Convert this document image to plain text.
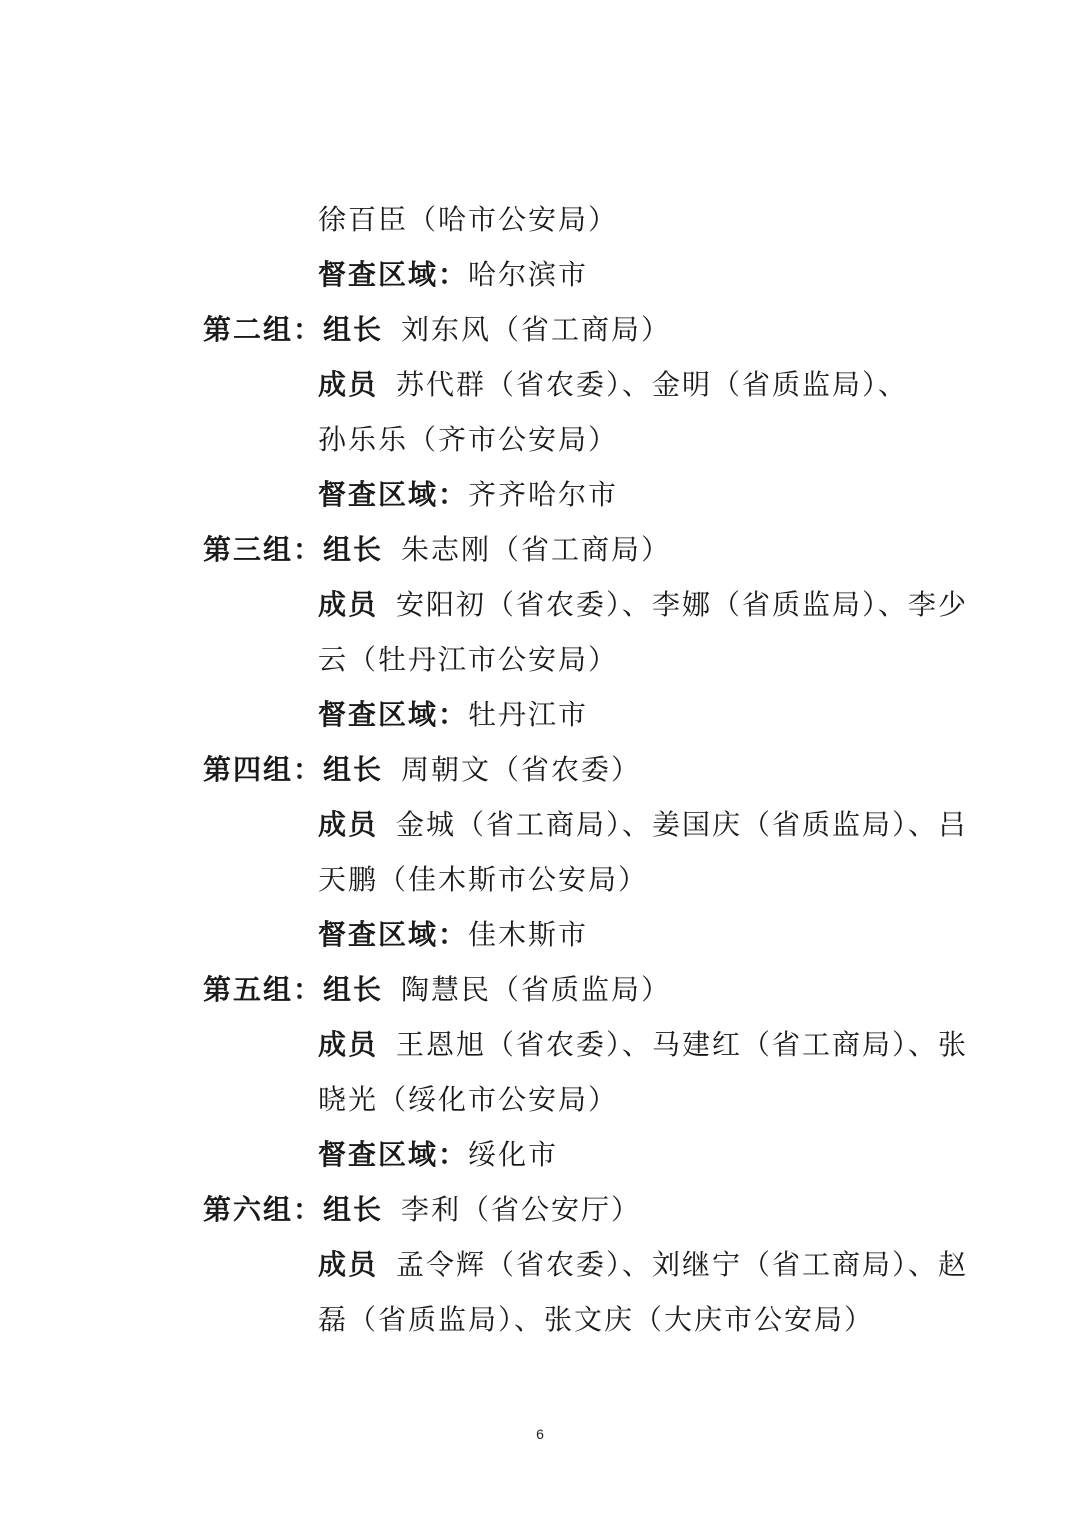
徐百臣（哈市公安局）
督查区域：哈尔滨市
第二组：组长 刘东风（省工商局）
成员 苏代群（省农委）、金明（省质监局）、
孙乐乐（齐市公安局）
督查区域：齐齐哈尔市
第三组：组长 朱志刚（省工商局）
成员 安阳初（省农委）、李娜（省质监局）、李少
云（牡丹江市公安局）
督查区域：牡丹江市
第四组：组长 周朝文（省农委）
成员 金城（省工商局）、姜国庆（省质监局）、吕
天鹏（佳木斯市公安局）
督查区域：佳木斯市
第五组：组长 陶慧民（省质监局）
成员 王恩旭（省农委）、马建红（省工商局）、张
晓光（绥化市公安局）
督查区域：绥化市
第六组：组长 李利（省公安厅）
成员 孟令辉（省农委）、刘继宁（省工商局）、赵
磊（省质监局）、张文庆（大庆市公安局）
6
